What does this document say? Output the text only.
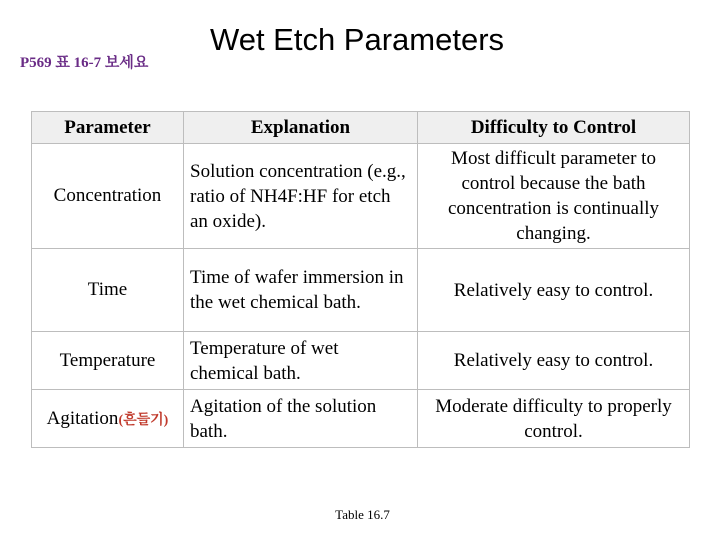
P569 표 16-7 보세요
Wet Etch Parameters
Parameter	Explanation	Difficulty to Control
Concentration	Solution concentration (e.g., ratio of NH4F:HF for etch an oxide).	Most difficult parameter to control because the bath concentration is continually changing.
Time	Time of wafer immersion in the wet chemical bath.	Relatively easy to control.
Temperature	Temperature of wet chemical bath.	Relatively easy to control.
Agitation(흔들기)	Agitation of the solution bath.	Moderate difficulty to properly control.
Table 16.7
